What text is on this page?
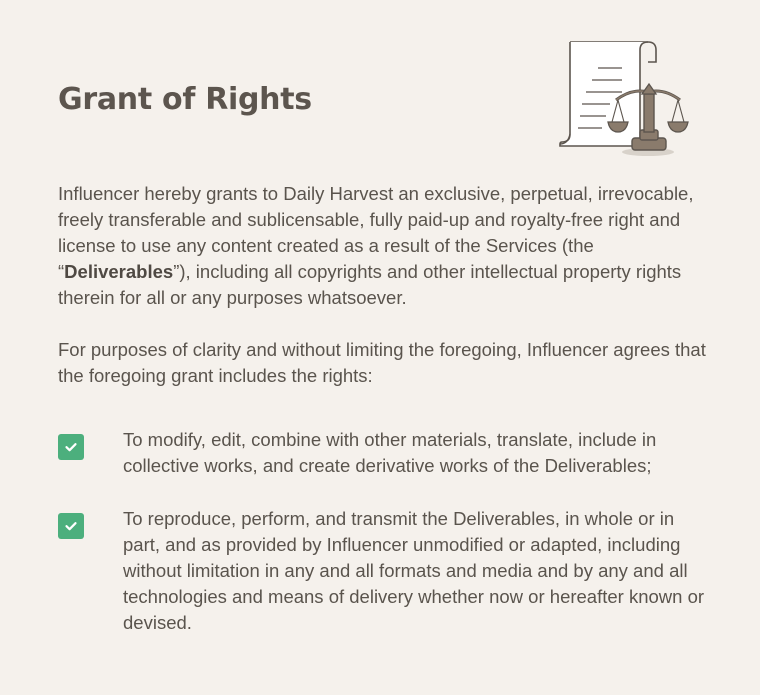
Grant of Rights

Influencer hereby grants to Daily Harvest an exclusive, perpetual, irrevocable, freely transferable and sublicensable, fully paid-up and royalty-free right and license to use any content created as a result of the Services (the “Deliverables”), including all copyrights and other intellectual property rights therein for all or any purposes whatsoever.

For purposes of clarity and without limiting the foregoing, Influencer agrees that the foregoing grant includes the rights:

To modify, edit, combine with other materials, translate, include in collective works, and create derivative works of the Deliverables;

To reproduce, perform, and transmit the Deliverables, in whole or in part, and as provided by Influencer unmodified or adapted, including without limitation in any and all formats and media and by any and all technologies and means of delivery whether now or hereafter known or devised.
